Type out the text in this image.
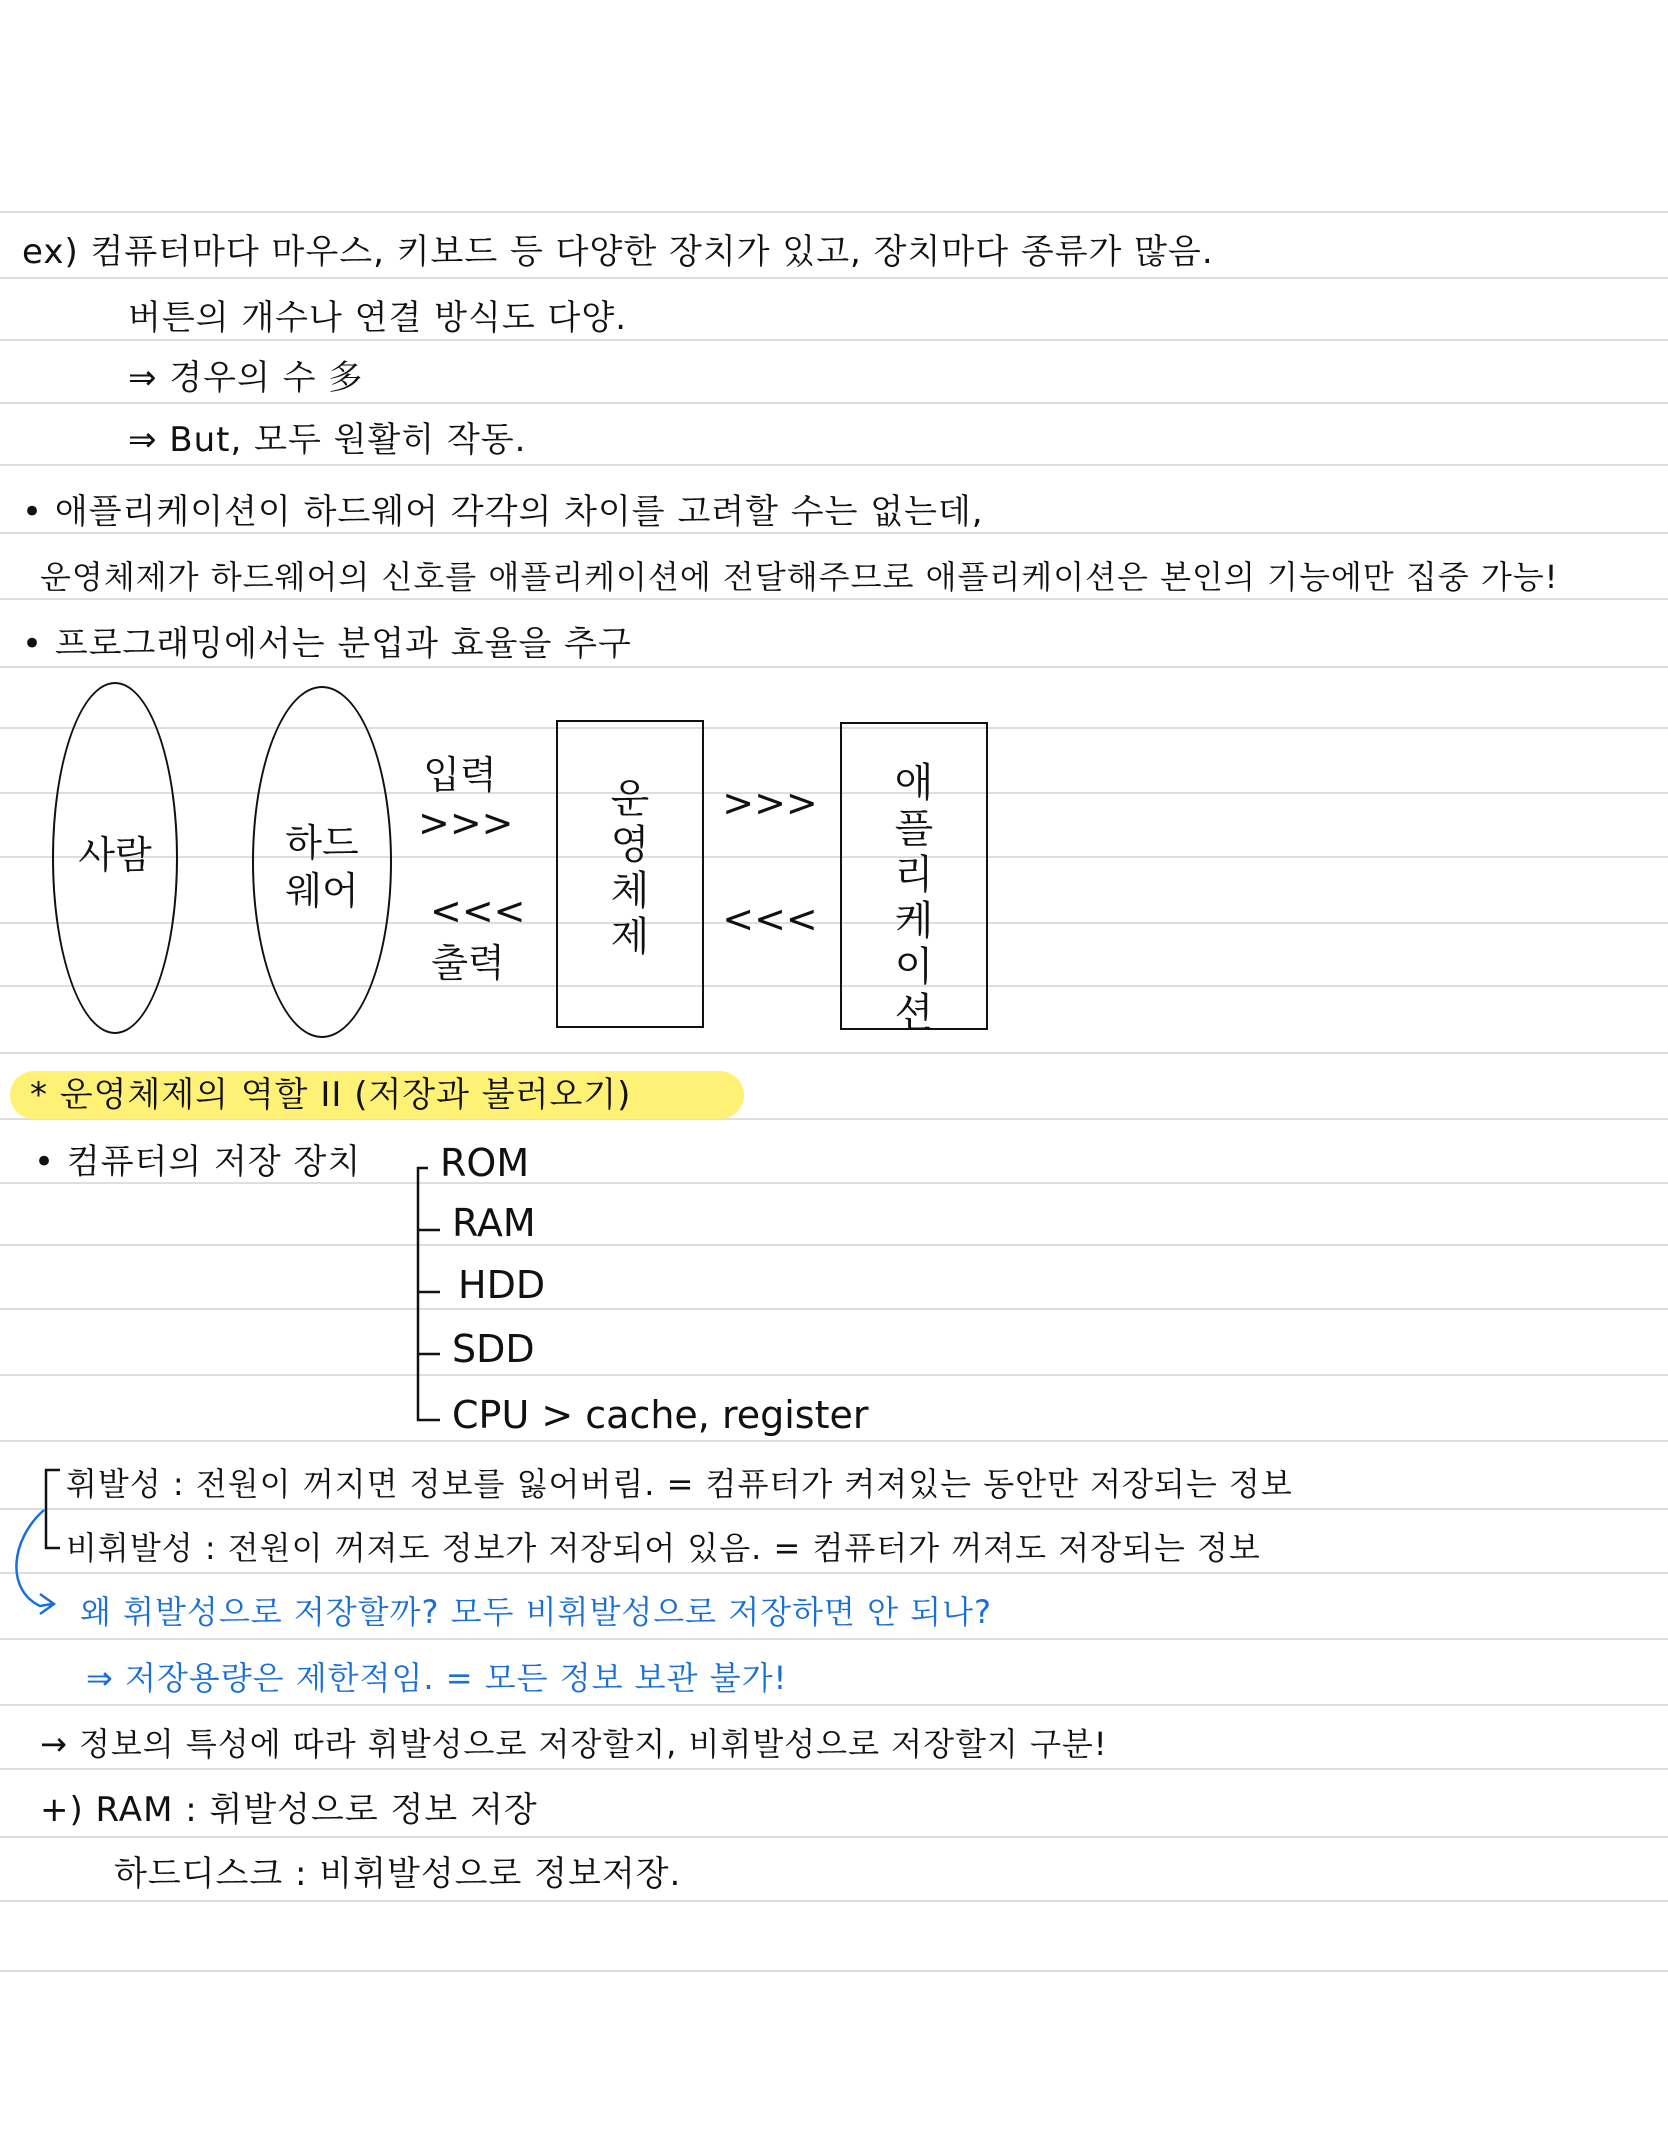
ex) 컴퓨터마다 마우스, 키보드 등 다양한 장치가 있고, 장치마다 종류가 많음.
버튼의 개수나 연결 방식도 다양.
⇒ 경우의 수 多
⇒ But, 모두 원활히 작동.
• 애플리케이션이 하드웨어 각각의 차이를 고려할 수는 없는데,
운영체제가 하드웨어의 신호를 애플리케이션에 전달해주므로 애플리케이션은 본인의 기능에만 집중 가능!
• 프로그래밍에서는 분업과 효율을 추구
사람	하드
웨어
입력
>>>
<<<
출력
운영체제
>>>
<<<
애플리케이션
* 운영체제의 역할 II (저장과 불러오기)
• 컴퓨터의 저장 장치 ROM
RAM
HDD
SDD
CPU > cache, register
휘발성 : 전원이 꺼지면 정보를 잃어버림. = 컴퓨터가 켜져있는 동안만 저장되는 정보
비휘발성 : 전원이 꺼져도 정보가 저장되어 있음. = 컴퓨터가 꺼져도 저장되는 정보
왜 휘발성으로 저장할까? 모두 비휘발성으로 저장하면 안 되나?
⇒ 저장용량은 제한적임. = 모든 정보 보관 불가!
→ 정보의 특성에 따라 휘발성으로 저장할지, 비휘발성으로 저장할지 구분!
+) RAM : 휘발성으로 정보 저장
하드디스크 : 비휘발성으로 정보저장.
